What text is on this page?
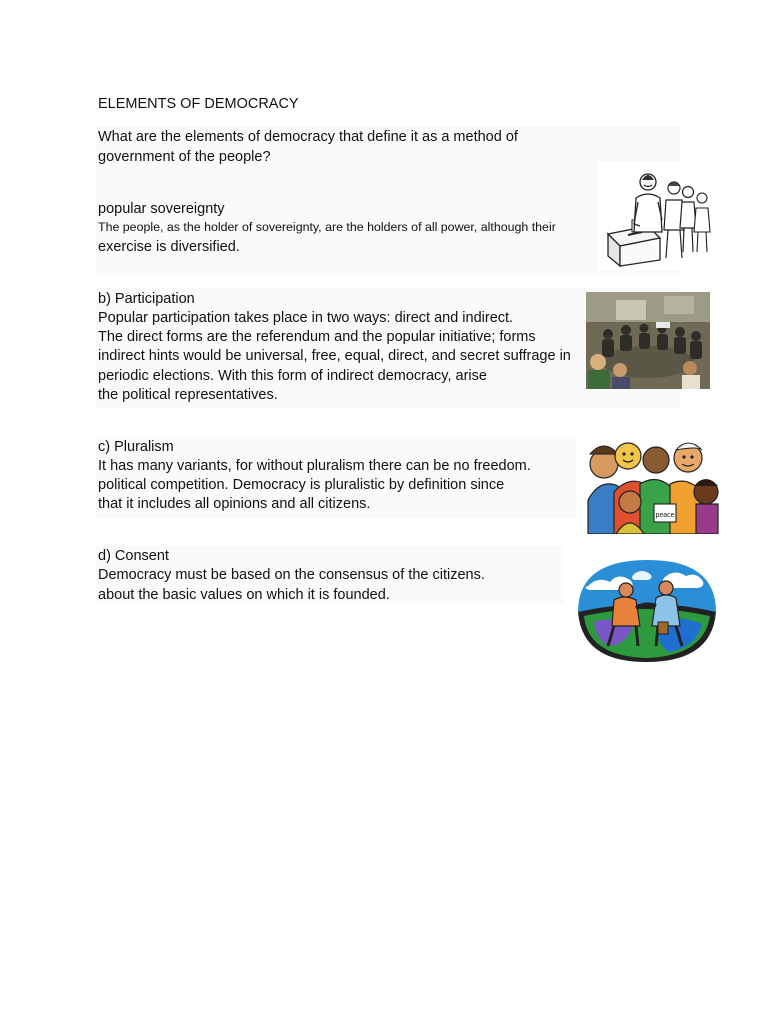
ELEMENTS OF DEMOCRACY
What are the elements of democracy that define it as a method of
government of the people?
popular sovereignty
The people, as the holder of sovereignty, are the holders of all power, although their
exercise is diversified.
b) Participation
Popular participation takes place in two ways: direct and indirect.
The direct forms are the referendum and the popular initiative; forms
indirect hints would be universal, free, equal, direct, and secret suffrage in
periodic elections. With this form of indirect democracy, arise
the political representatives.
c) Pluralism
It has many variants, for without pluralism there can be no freedom.
political competition. Democracy is pluralistic by definition since
that it includes all opinions and all citizens.
d) Consent
Democracy must be based on the consensus of the citizens.
about the basic values on which it is founded.
peace
